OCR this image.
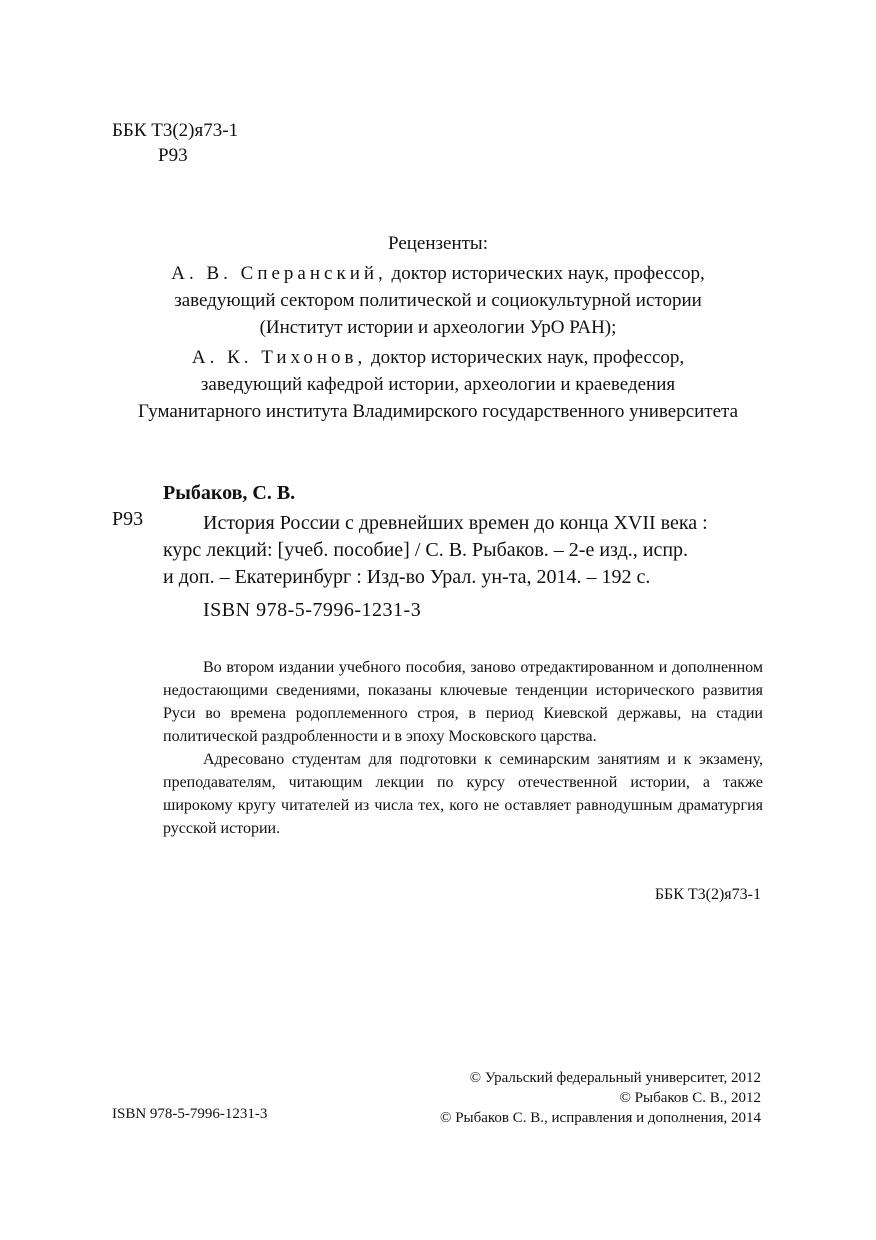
ББК Т3(2)я73-1
Р93
Рецензенты:
А. В. Сперанский, доктор исторических наук, профессор,
заведующий сектором политической и социокультурной истории
(Институт истории и археологии УрО РАН);
А. К. Тихонов, доктор исторических наук, профессор,
заведующий кафедрой истории, археологии и краеведения
Гуманитарного института Владимирского государственного университета
Рыбаков, С. В.
Р93	История России с древнейших времен до конца XVII века :
курс лекций: [учеб. пособие] / С. В. Рыбаков. – 2-е изд., испр.
и доп. – Екатеринбург : Изд-во Урал. ун-та, 2014. – 192 с.
ISBN 978-5-7996-1231-3

Во втором издании учебного пособия, заново отредактированном и дополненном недостающими сведениями, показаны ключевые тенденции исторического развития Руси во времена родоплеменного строя, в период Киевской державы, на стадии политической раздробленности и в эпоху Московского царства.

Адресовано студентам для подготовки к семинарским занятиям и к экзамену, преподавателям, читающим лекции по курсу отечественной истории, а также широкому кругу читателей из числа тех, кого не оставляет равнодушным драматургия русской истории.

ББК Т3(2)я73-1
ISBN 978-5-7996-1231-3
© Уральский федеральный университет, 2012
© Рыбаков С. В., 2012
© Рыбаков С. В., исправления и дополнения, 2014
